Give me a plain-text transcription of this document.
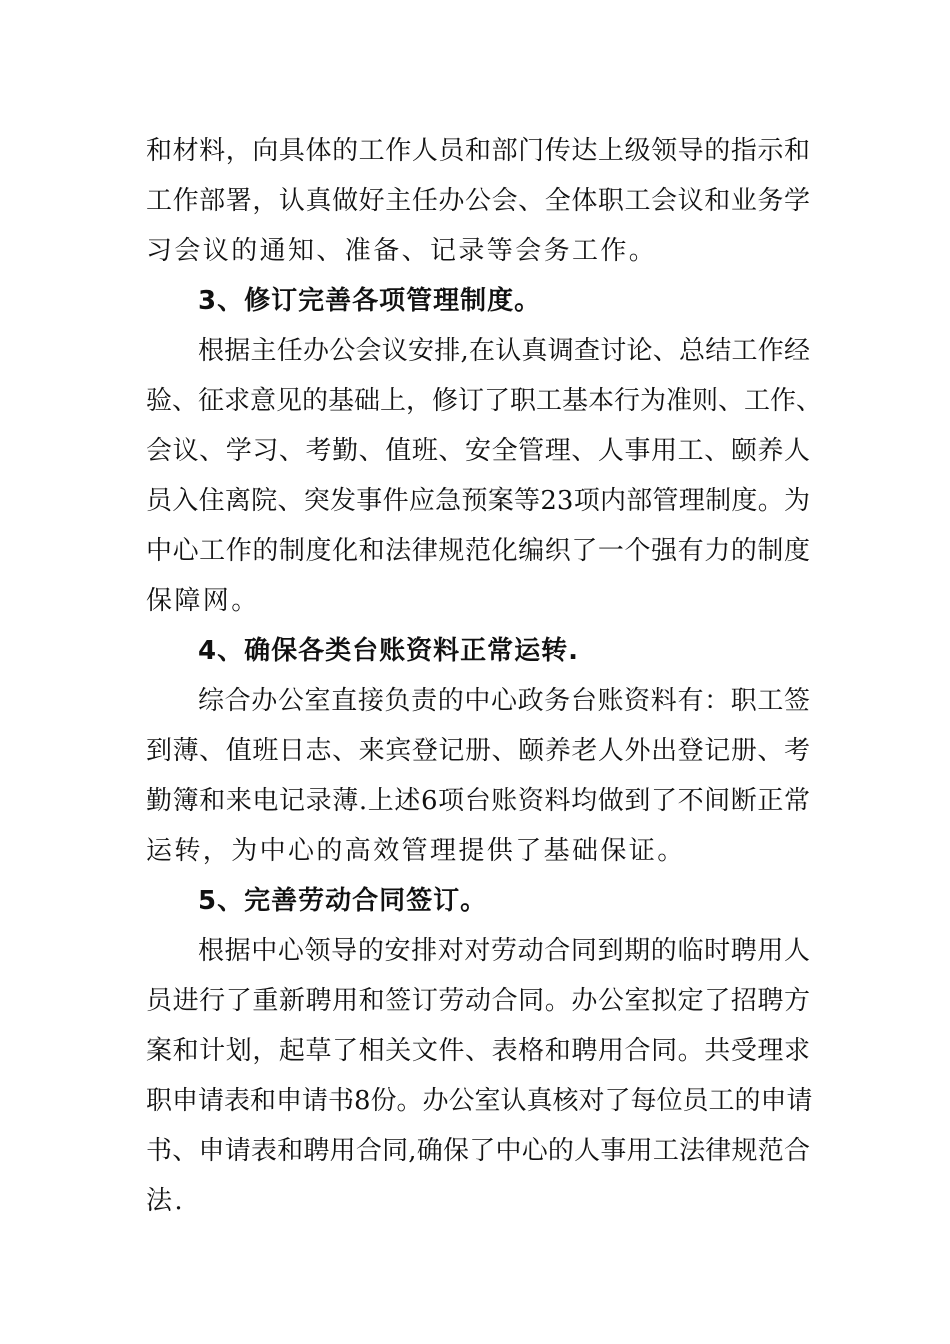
和材料，向具体的工作人员和部门传达上级领导的指示和
工作部署，认真做好主任办公会、全体职工会议和业务学
习会议的通知、准备、记录等会务工作。
3、修订完善各项管理制度。
根据主任办公会议安排,在认真调查讨论、总结工作经
验、征求意见的基础上，修订了职工基本行为准则、工作、
会议、学习、考勤、值班、安全管理、人事用工、颐养人
员入住离院、突发事件应急预案等23项内部管理制度。为
中心工作的制度化和法律规范化编织了一个强有力的制度
保障网。
4、确保各类台账资料正常运转.
综合办公室直接负责的中心政务台账资料有：职工签
到薄、值班日志、来宾登记册、颐养老人外出登记册、考
勤簿和来电记录薄.上述6项台账资料均做到了不间断正常
运转，为中心的高效管理提供了基础保证。
5、完善劳动合同签订。
根据中心领导的安排对对劳动合同到期的临时聘用人
员进行了重新聘用和签订劳动合同。办公室拟定了招聘方
案和计划，起草了相关文件、表格和聘用合同。共受理求
职申请表和申请书8份。办公室认真核对了每位员工的申请
书、申请表和聘用合同,确保了中心的人事用工法律规范合
法.
